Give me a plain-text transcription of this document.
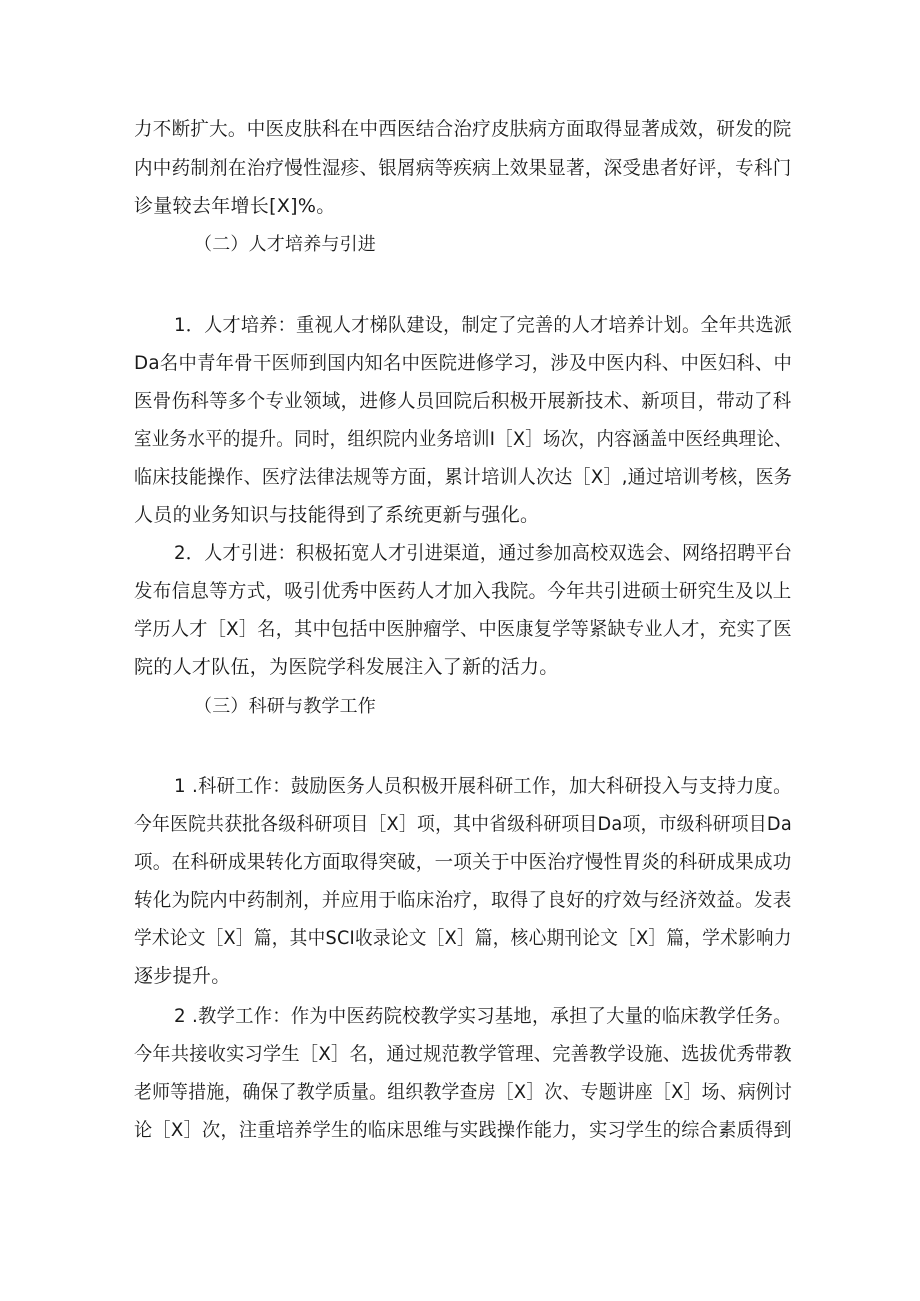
力不断扩大。中医皮肤科在中西医结合治疗皮肤病方面取得显著成效，研发的院
内中药制剂在治疗慢性湿疹、银屑病等疾病上效果显著，深受患者好评，专科门
诊量较去年增长[X]%。
（二）人才培养与引进
1．人才培养：重视人才梯队建设，制定了完善的人才培养计划。全年共选派
Da名中青年骨干医师到国内知名中医院进修学习，涉及中医内科、中医妇科、中
医骨伤科等多个专业领域，进修人员回院后积极开展新技术、新项目，带动了科
室业务水平的提升。同时，组织院内业务培训I［X］场次，内容涵盖中医经典理论、
临床技能操作、医疗法律法规等方面，累计培训人次达［X］,通过培训考核，医务
人员的业务知识与技能得到了系统更新与强化。
2．人才引进：积极拓宽人才引进渠道，通过参加高校双选会、网络招聘平台
发布信息等方式，吸引优秀中医药人才加入我院。今年共引进硕士研究生及以上
学历人才［X］名，其中包括中医肿瘤学、中医康复学等紧缺专业人才，充实了医
院的人才队伍，为医院学科发展注入了新的活力。
（三）科研与教学工作
1 .科研工作：鼓励医务人员积极开展科研工作，加大科研投入与支持力度。
今年医院共获批各级科研项目［X］项，其中省级科研项目Da项，市级科研项目Da
项。在科研成果转化方面取得突破，一项关于中医治疗慢性胃炎的科研成果成功
转化为院内中药制剂，并应用于临床治疗，取得了良好的疗效与经济效益。发表
学术论文［X］篇，其中SCI收录论文［X］篇，核心期刊论文［X］篇，学术影响力
逐步提升。
2 .教学工作：作为中医药院校教学实习基地，承担了大量的临床教学任务。
今年共接收实习学生［X］名，通过规范教学管理、完善教学设施、选拔优秀带教
老师等措施，确保了教学质量。组织教学查房［X］次、专题讲座［X］场、病例讨
论［X］次，注重培养学生的临床思维与实践操作能力，实习学生的综合素质得到
